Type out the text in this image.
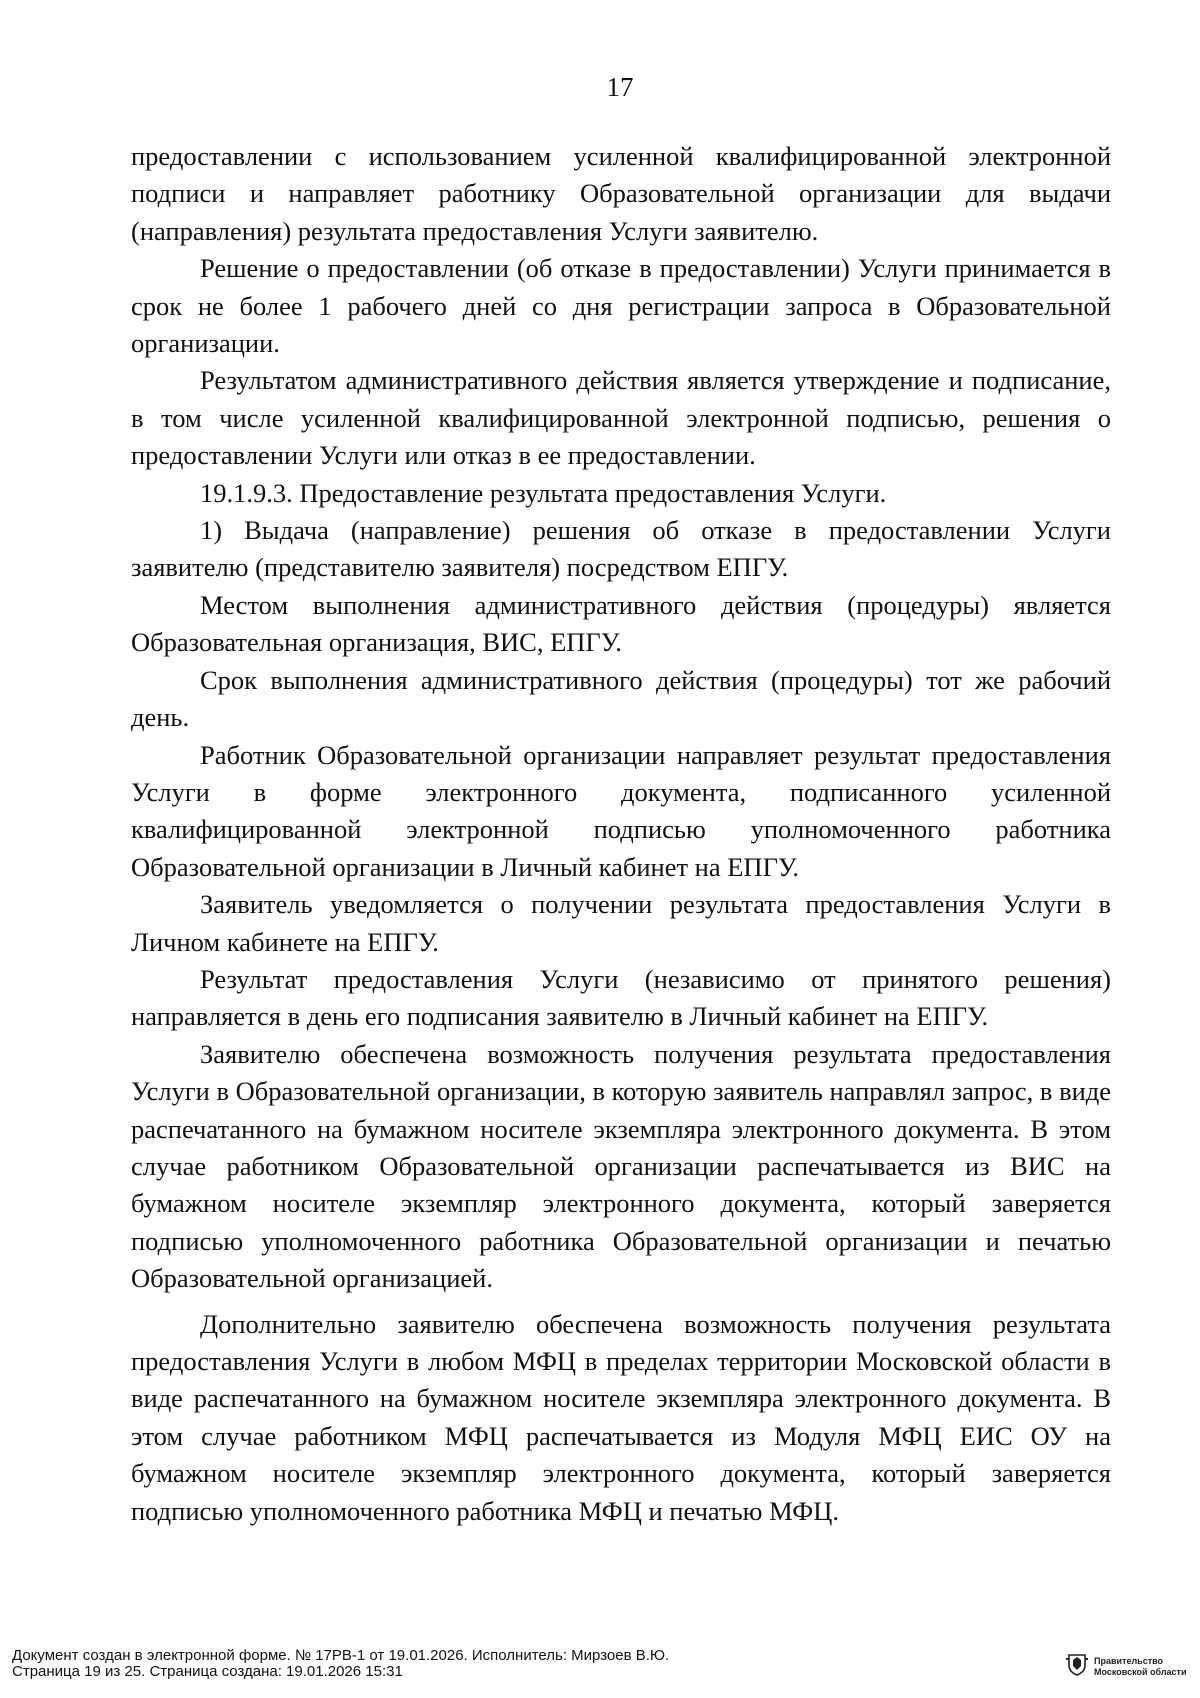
17

предоставлении с использованием усиленной квалифицированной электронной подписи и направляет работнику Образовательной организации для выдачи (направления) результата предоставления Услуги заявителю.

Решение о предоставлении (об отказе в предоставлении) Услуги принимается в срок не более 1 рабочего дней со дня регистрации запроса в Образовательной организации.

Результатом административного действия является утверждение и подписание, в том числе усиленной квалифицированной электронной подписью, решения о предоставлении Услуги или отказ в ее предоставлении.

19.1.9.3. Предоставление результата предоставления Услуги.

1) Выдача (направление) решения об отказе в предоставлении Услуги заявителю (представителю заявителя) посредством ЕПГУ.

Местом выполнения административного действия (процедуры) является Образовательная организация, ВИС, ЕПГУ.

Срок выполнения административного действия (процедуры) тот же рабочий день.

Работник Образовательной организации направляет результат предоставления Услуги в форме электронного документа, подписанного усиленной квалифицированной электронной подписью уполномоченного работника Образовательной организации в Личный кабинет на ЕПГУ.

Заявитель уведомляется о получении результата предоставления Услуги в Личном кабинете на ЕПГУ.

Результат предоставления Услуги (независимо от принятого решения) направляется в день его подписания заявителю в Личный кабинет на ЕПГУ.

Заявителю обеспечена возможность получения результата предоставления Услуги в Образовательной организации, в которую заявитель направлял запрос, в виде распечатанного на бумажном носителе экземпляра электронного документа. В этом случае работником Образовательной организации распечатывается из ВИС на бумажном носителе экземпляр электронного документа, который заверяется подписью уполномоченного работника Образовательной организации и печатью Образовательной организацией.

Дополнительно заявителю обеспечена возможность получения результата предоставления Услуги в любом МФЦ в пределах территории Московской области в виде распечатанного на бумажном носителе экземпляра электронного документа. В этом случае работником МФЦ распечатывается из Модуля МФЦ ЕИС ОУ на бумажном носителе экземпляр электронного документа, который заверяется подписью уполномоченного работника МФЦ и печатью МФЦ.

Документ создан в электронной форме. № 17РВ-1 от 19.01.2026. Исполнитель: Мирзоев В.Ю.
Страница 19 из 25. Страница создана: 19.01.2026 15:31
Правительство
Московской области
